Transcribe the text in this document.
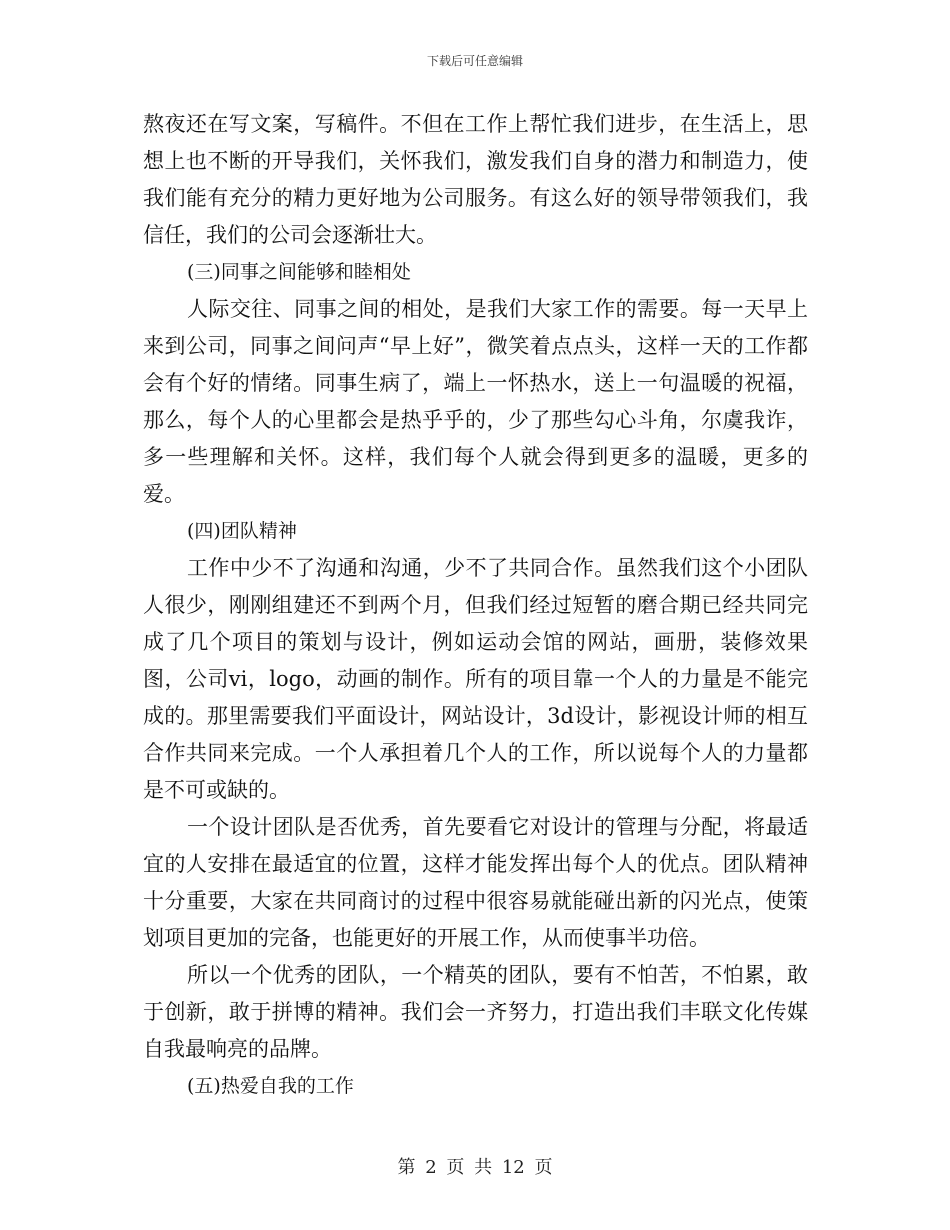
下载后可任意编辑

熬夜还在写文案，写稿件。不但在工作上帮忙我们进步，在生活上，思想上也不断的开导我们，关怀我们，激发我们自身的潜力和制造力，使我们能有充分的精力更好地为公司服务。有这么好的领导带领我们，我信任，我们的公司会逐渐壮大。

(三)同事之间能够和睦相处

人际交往、同事之间的相处，是我们大家工作的需要。每一天早上来到公司，同事之间问声“早上好”，微笑着点点头，这样一天的工作都会有个好的情绪。同事生病了，端上一怀热水，送上一句温暖的祝福，那么，每个人的心里都会是热乎乎的，少了那些勾心斗角，尔虞我诈，多一些理解和关怀。这样，我们每个人就会得到更多的温暖，更多的爱。

(四)团队精神

工作中少不了沟通和沟通，少不了共同合作。虽然我们这个小团队人很少，刚刚组建还不到两个月，但我们经过短暂的磨合期已经共同完成了几个项目的策划与设计，例如运动会馆的网站，画册，装修效果图，公司vi，logo，动画的制作。所有的项目靠一个人的力量是不能完成的。那里需要我们平面设计，网站设计，3d设计，影视设计师的相互合作共同来完成。一个人承担着几个人的工作，所以说每个人的力量都是不可或缺的。

一个设计团队是否优秀，首先要看它对设计的管理与分配，将最适宜的人安排在最适宜的位置，这样才能发挥出每个人的优点。团队精神十分重要，大家在共同商讨的过程中很容易就能碰出新的闪光点，使策划项目更加的完备，也能更好的开展工作，从而使事半功倍。

所以一个优秀的团队，一个精英的团队，要有不怕苦，不怕累，敢于创新，敢于拼博的精神。我们会一齐努力，打造出我们丰联文化传媒自我最响亮的品牌。

(五)热爱自我的工作

第 2 页 共 12 页
